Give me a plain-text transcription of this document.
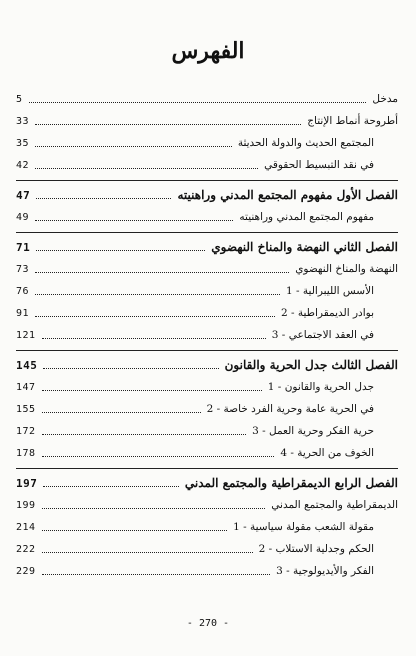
الفهرس
مدخل
5
أطروحة أنماط الإنتاج
33
المجتمع الحديث والدولة الحديثة
35
في نقد التبسيط الحقوقي
42
الفصل الأول مفهوم المجتمع المدني وراهنيته
47
مفهوم المجتمع المدني وراهنيته
49
الفصل الثاني النهضة والمناخ النهضوي
71
النهضة والمناخ النهضوي
73
1 - الأسس الليبرالية
76
2 - بوادر الديمقراطية
91
3 - في العقد الاجتماعي
121
الفصل الثالث جدل الحرية والقانون
145
1 - جدل الحرية والقانون
147
2 - في الحرية عامة وحرية الفرد خاصة
155
3 - حرية الفكر وحرية العمل
172
4 - الخوف من الحرية
178
الفصل الرابع الديمقراطية والمجتمع المدني
197
الديمقراطية والمجتمع المدني
199
1 - مقولة الشعب مقولة سياسية
214
2 - الحكم وجدلية الاستلاب
222
3 - الفكر والأيديولوجية
229
- 270 -
